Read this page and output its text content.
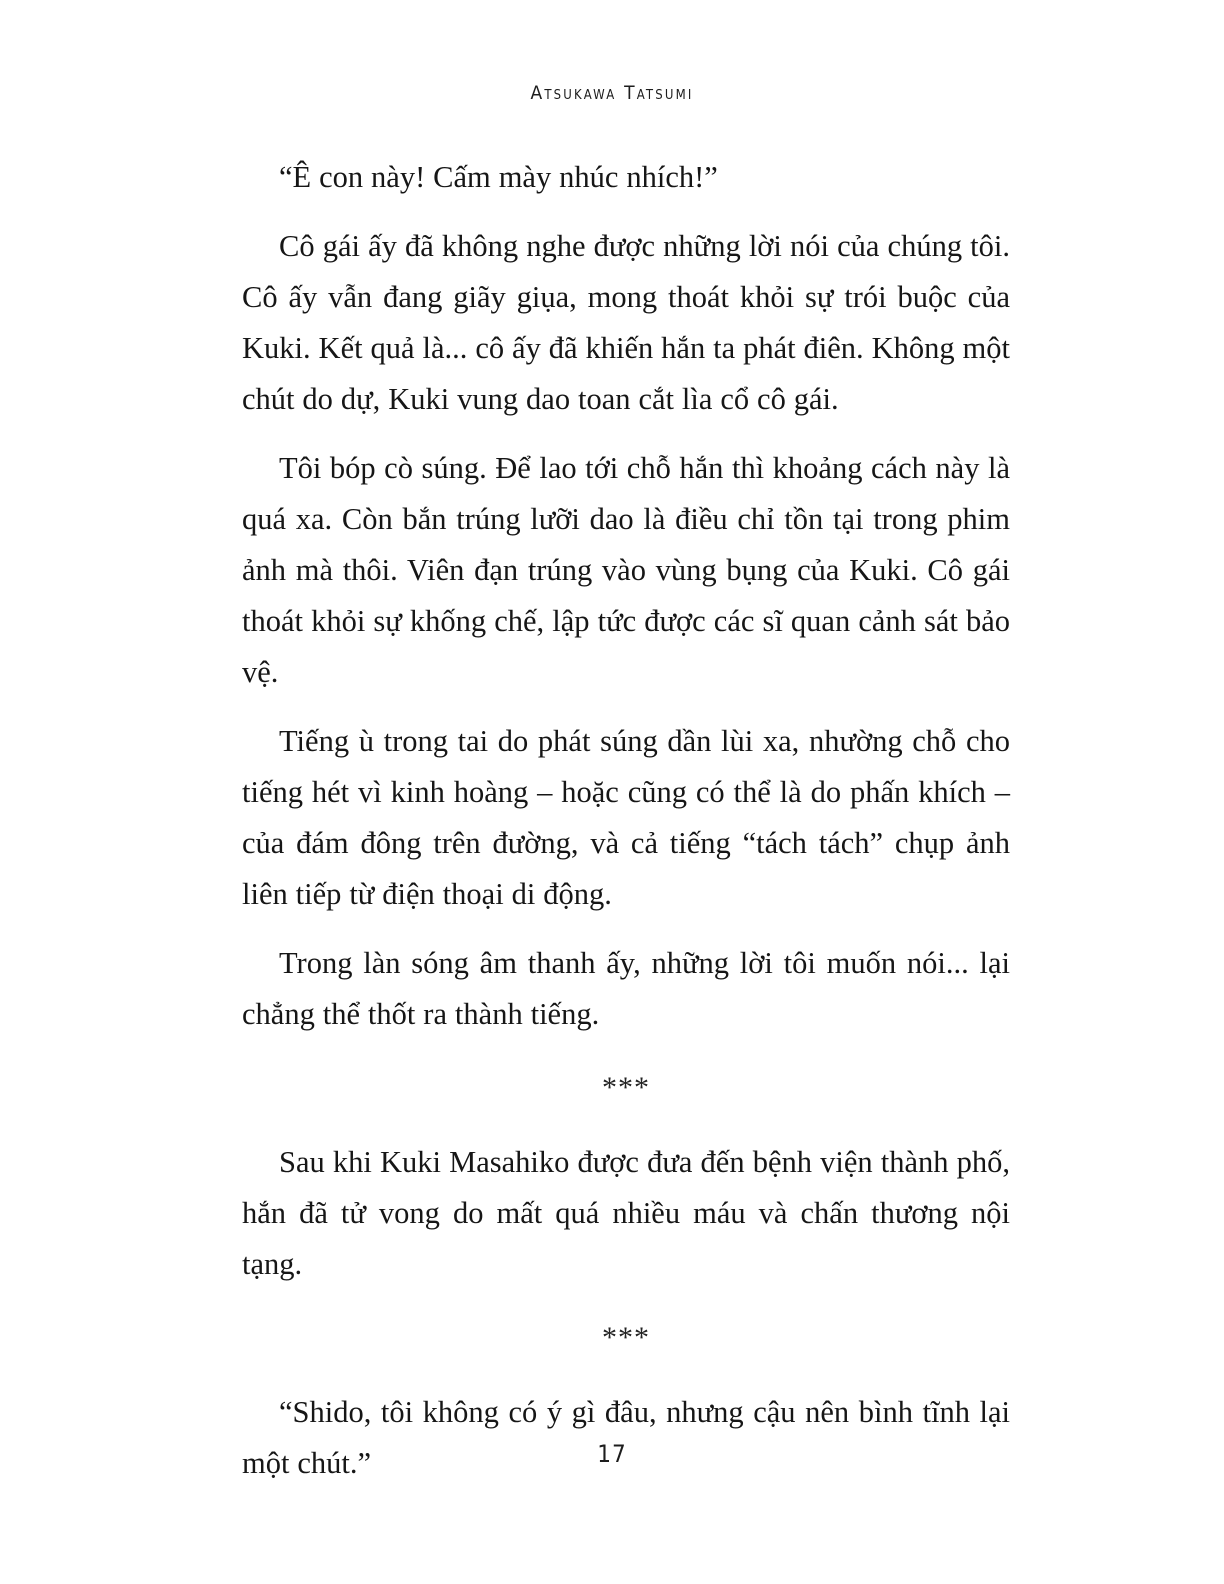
Atsukawa Tatsumi

“Ê con này! Cấm mày nhúc nhích!”

Cô gái ấy đã không nghe được những lời nói của chúng tôi. Cô ấy vẫn đang giãy giụa, mong thoát khỏi sự trói buộc của Kuki. Kết quả là... cô ấy đã khiến hắn ta phát điên. Không một chút do dự, Kuki vung dao toan cắt lìa cổ cô gái.

Tôi bóp cò súng. Để lao tới chỗ hắn thì khoảng cách này là quá xa. Còn bắn trúng lưỡi dao là điều chỉ tồn tại trong phim ảnh mà thôi. Viên đạn trúng vào vùng bụng của Kuki. Cô gái thoát khỏi sự khống chế, lập tức được các sĩ quan cảnh sát bảo vệ.

Tiếng ù trong tai do phát súng dần lùi xa, nhường chỗ cho tiếng hét vì kinh hoàng – hoặc cũng có thể là do phấn khích – của đám đông trên đường, và cả tiếng “tách tách” chụp ảnh liên tiếp từ điện thoại di động.

Trong làn sóng âm thanh ấy, những lời tôi muốn nói... lại chẳng thể thốt ra thành tiếng.

***

Sau khi Kuki Masahiko được đưa đến bệnh viện thành phố, hắn đã tử vong do mất quá nhiều máu và chấn thương nội tạng.

***

“Shido, tôi không có ý gì đâu, nhưng cậu nên bình tĩnh lại một chút.”	17
